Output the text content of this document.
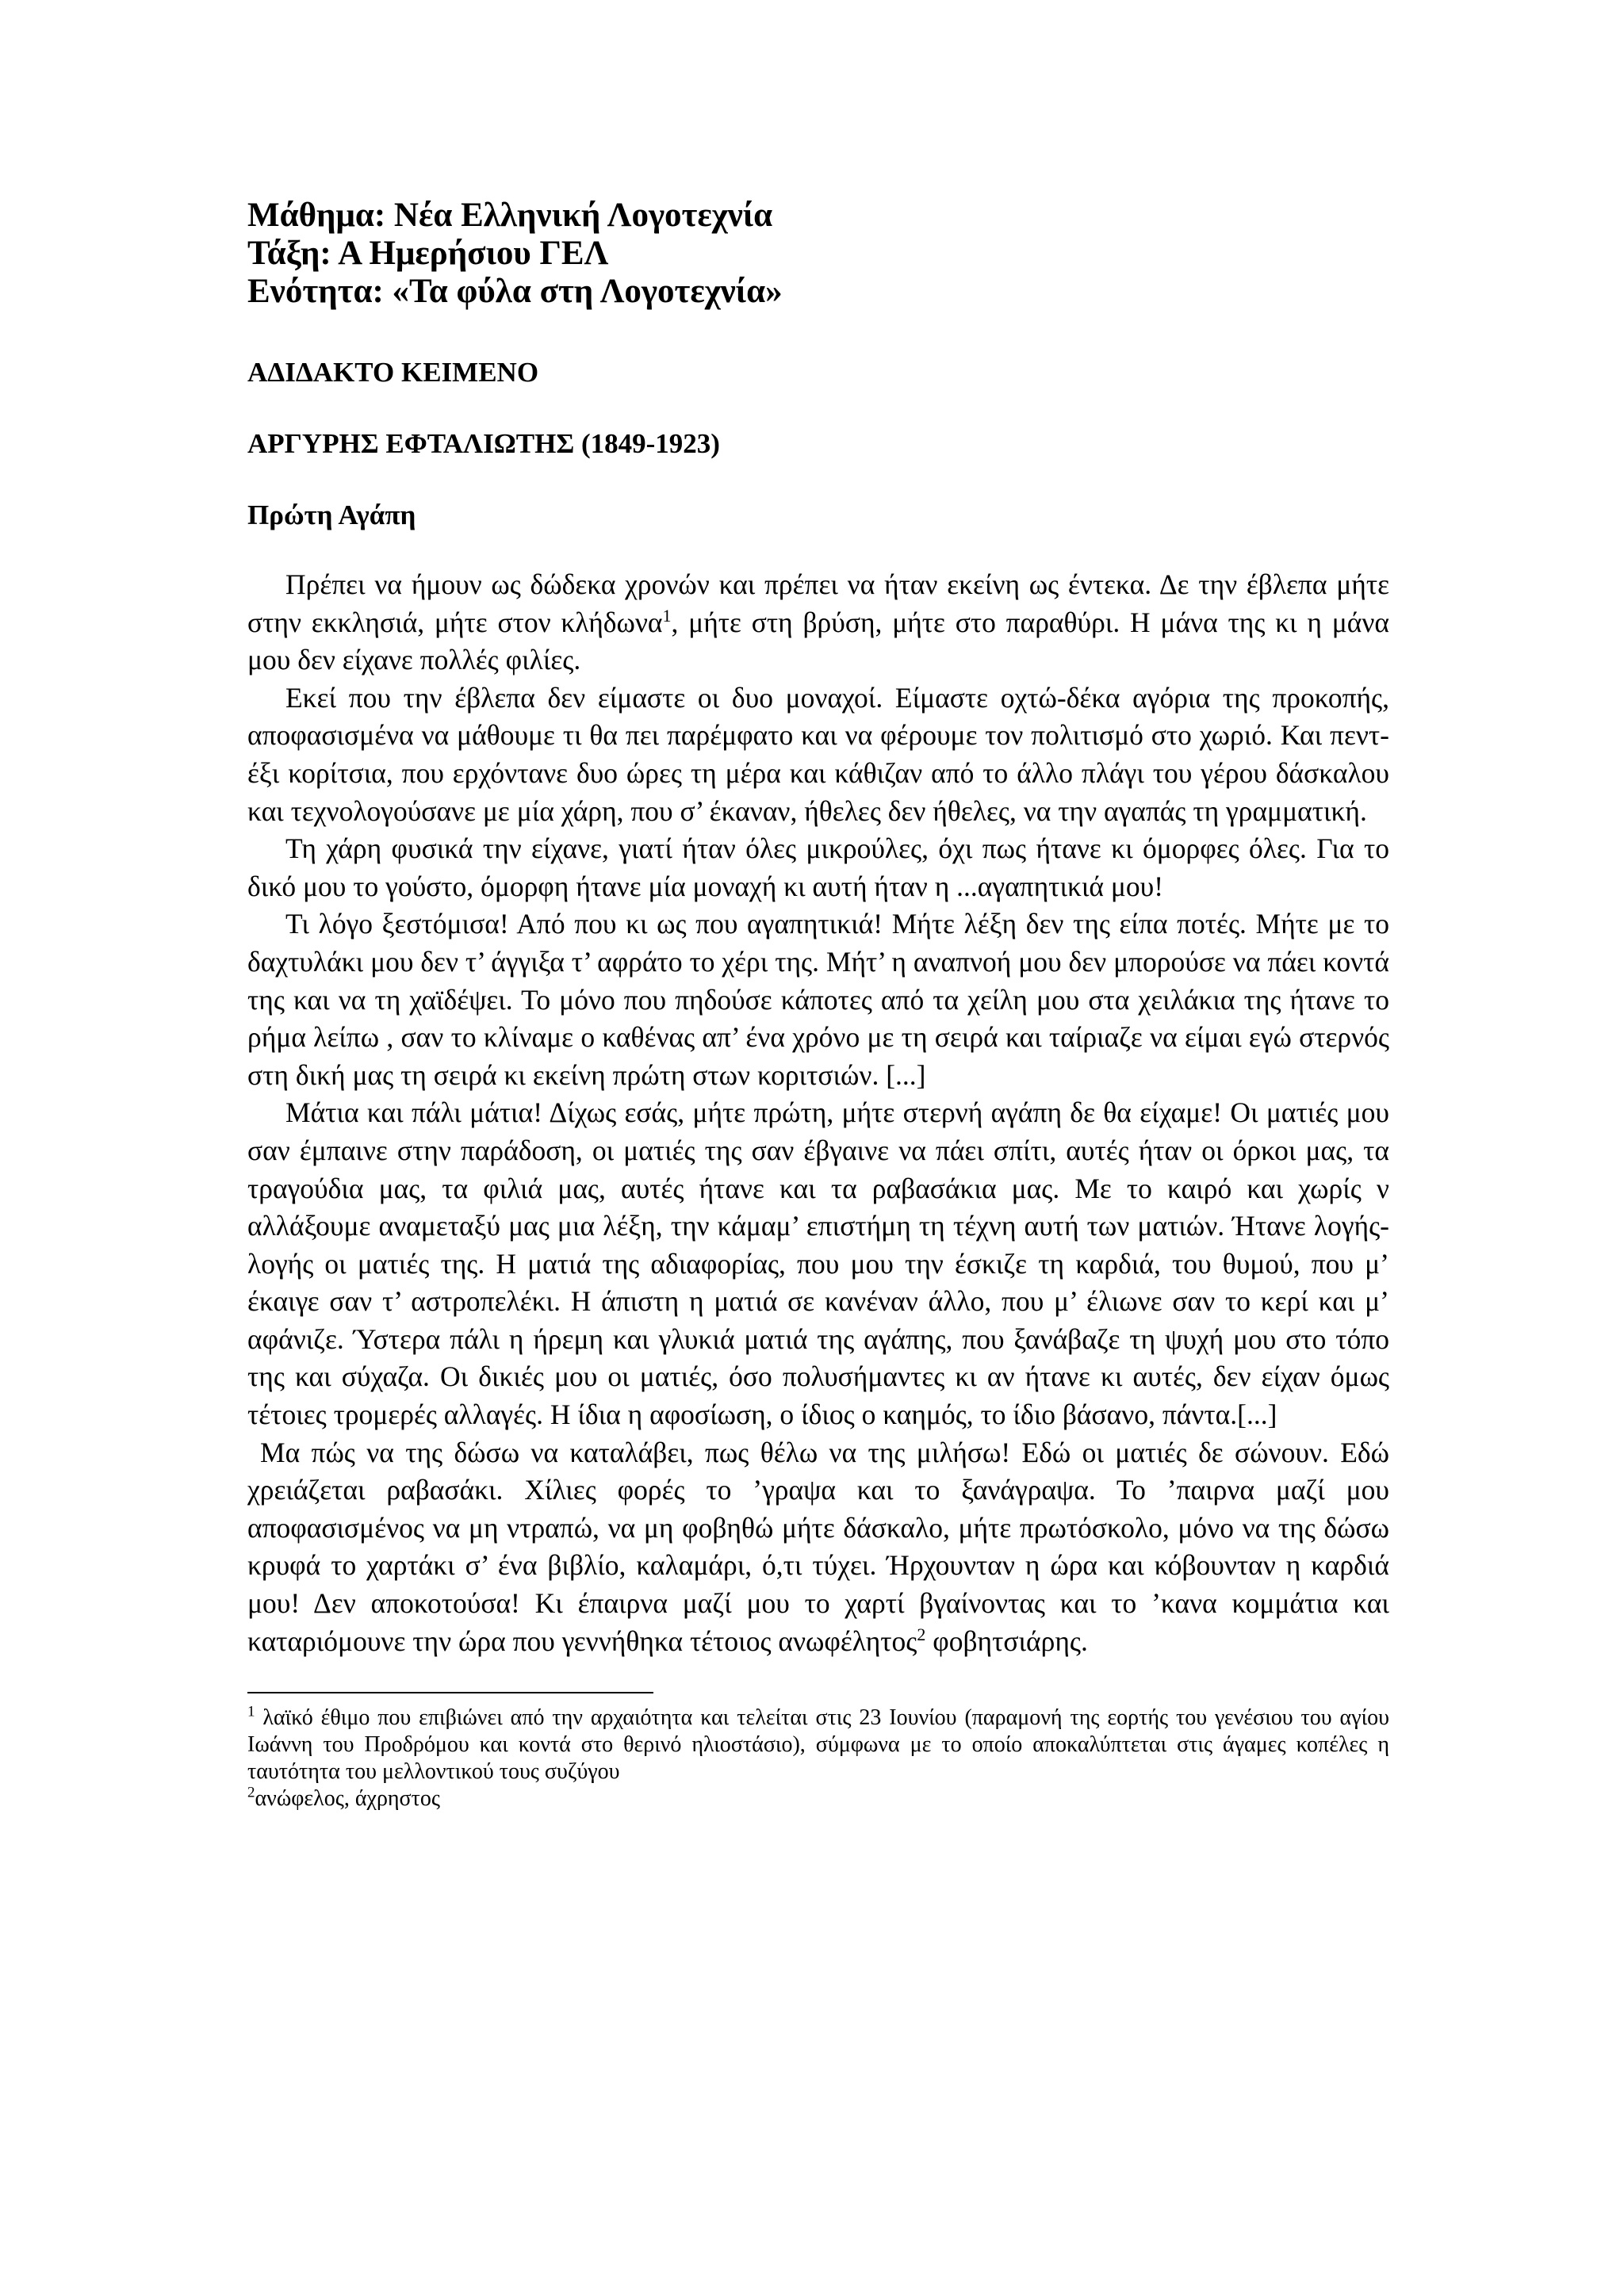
Μάθημα: Νέα Ελληνική Λογοτεχνία
Τάξη: Α Ημερήσιου ΓΕΛ
Ενότητα: «Τα φύλα στη Λογοτεχνία»
ΑΔΙΔΑΚΤΟ ΚΕΙΜΕΝΟ
ΑΡΓΥΡΗΣ ΕΦΤΑΛΙΩΤΗΣ (1849-1923)
Πρώτη Αγάπη

Πρέπει να ήμουν ως δώδεκα χρονών και πρέπει να ήταν εκείνη ως έντεκα. Δε την έβλεπα μήτε στην εκκλησιά, μήτε στον κλήδωνα$^1$, μήτε στη βρύση, μήτε στο παραθύρι. Η μάνα της κι η μάνα μου δεν είχανε πολλές φιλίες.

Εκεί που την έβλεπα δεν είμαστε οι δυο μοναχοί. Είμαστε οχτώ-δέκα αγόρια της προκοπής, αποφασισμένα να μάθουμε τι θα πει παρέμφατο και να φέρουμε τον πολιτισμό στο χωριό. Και πεντ-έξι κορίτσια, που ερχόντανε δυο ώρες τη μέρα και κάθιζαν από το άλλο πλάγι του γέρου δάσκαλου και τεχνολογούσανε με μία χάρη, που σ’ έκαναν, ήθελες δεν ήθελες, να την αγαπάς τη γραμματική.

Τη χάρη φυσικά την είχανε, γιατί ήταν όλες μικρούλες, όχι πως ήτανε κι όμορφες όλες. Για το δικό μου το γούστο, όμορφη ήτανε μία μοναχή κι αυτή ήταν η ...αγαπητικιά μου!

Τι λόγο ξεστόμισα! Από που κι ως που αγαπητικιά! Μήτε λέξη δεν της είπα ποτές. Μήτε με το δαχτυλάκι μου δεν τ’ άγγιξα τ’ αφράτο το χέρι της. Μήτ’ η αναπνοή μου δεν μπορούσε να πάει κοντά της και να τη χαϊδέψει. Το μόνο που πηδούσε κάποτες από τα χείλη μου στα χειλάκια της ήτανε το ρήμα λείπω , σαν το κλίναμε ο καθένας απ’ ένα χρόνο με τη σειρά και ταίριαζε να είμαι εγώ στερνός στη δική μας τη σειρά κι εκείνη πρώτη στων κοριτσιών. [...]

Μάτια και πάλι μάτια! Δίχως εσάς, μήτε πρώτη, μήτε στερνή αγάπη δε θα είχαμε! Οι ματιές μου σαν έμπαινε στην παράδοση, οι ματιές της σαν έβγαινε να πάει σπίτι, αυτές ήταν οι όρκοι μας, τα τραγούδια μας, τα φιλιά μας, αυτές ήτανε και τα ραβασάκια μας. Με το καιρό και χωρίς ν αλλάξουμε αναμεταξύ μας μια λέξη, την κάμαμ’ επιστήμη τη τέχνη αυτή των ματιών. Ήτανε λογής-λογής οι ματιές της. Η ματιά της αδιαφορίας, που μου την έσκιζε τη καρδιά, του θυμού, που μ’ έκαιγε σαν τ’ αστροπελέκι. Η άπιστη η ματιά σε κανέναν άλλο, που μ’ έλιωνε σαν το κερί και μ’ αφάνιζε. Ύστερα πάλι η ήρεμη και γλυκιά ματιά της αγάπης, που ξανάβαζε τη ψυχή μου στο τόπο της και σύχαζα. Οι δικιές μου οι ματιές, όσο πολυσήμαντες κι αν ήτανε κι αυτές, δεν είχαν όμως τέτοιες τρομερές αλλαγές. Η ίδια η αφοσίωση, ο ίδιος ο καημός, το ίδιο βάσανο, πάντα.[...]

Μα πώς να της δώσω να καταλάβει, πως θέλω να της μιλήσω! Εδώ οι ματιές δε σώνουν. Εδώ χρειάζεται ραβασάκι. Χίλιες φορές το ’γραψα και το ξανάγραψα. Το ’παιρνα μαζί μου αποφασισμένος να μη ντραπώ, να μη φοβηθώ μήτε δάσκαλο, μήτε πρωτόσκολο, μόνο να της δώσω κρυφά το χαρτάκι σ’ ένα βιβλίο, καλαμάρι, ό,τι τύχει. Ήρχουνταν η ώρα και κόβουνταν η καρδιά μου! Δεν αποκοτούσα! Κι έπαιρνα μαζί μου το χαρτί βγαίνοντας και το ’κανα κομμάτια και καταριόμουνε την ώρα που γεννήθηκα τέτοιος ανωφέλητος$^2$ φοβητσιάρης.

$^1$ λαϊκό έθιμο που επιβιώνει από την αρχαιότητα και τελείται στις 23 Ιουνίου (παραμονή της εορτής του γενέσιου του αγίου Ιωάννη του Προδρόμου και κοντά στο θερινό ηλιοστάσιο), σύμφωνα με το οποίο αποκαλύπτεται στις άγαμες κοπέλες η ταυτότητα του μελλοντικού τους συζύγου

$^2$ανώφελος, άχρηστος
